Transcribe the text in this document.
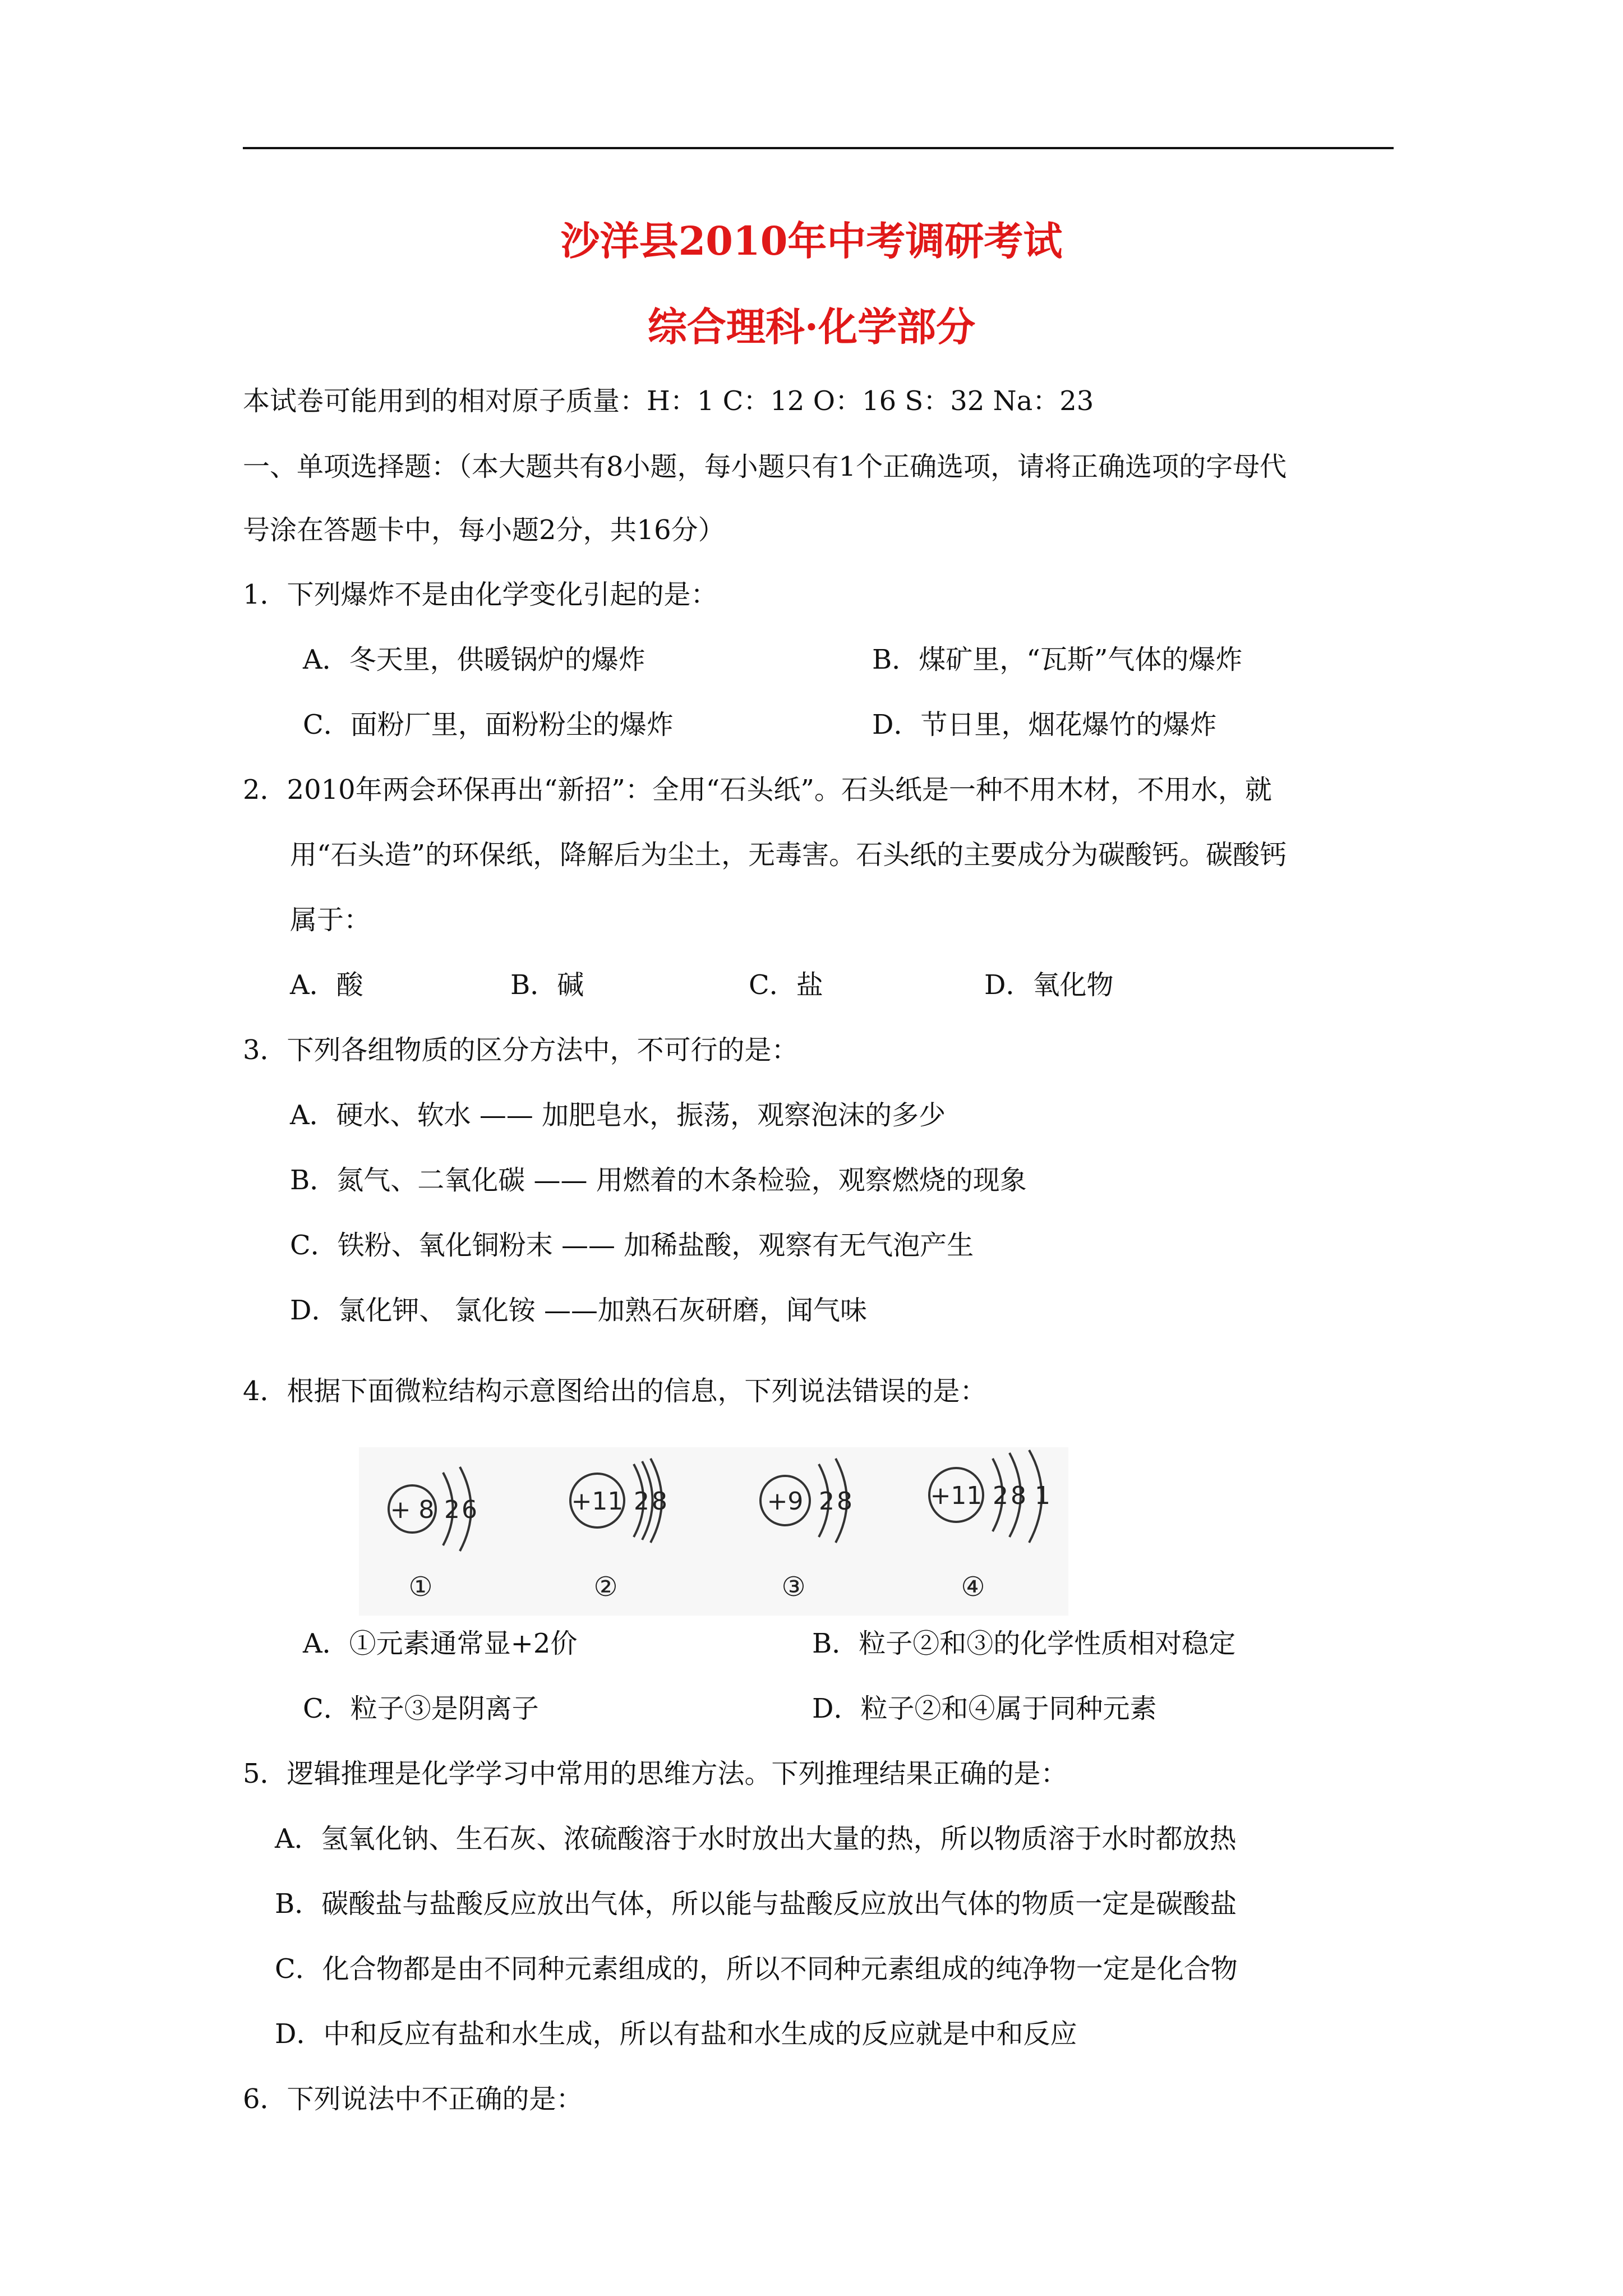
沙洋县2010年中考调研考试
综合理科·化学部分
本试卷可能用到的相对原子质量：H：1 C：12 O：16 S：32 Na：23
一、单项选择题：（本大题共有8小题，每小题只有1个正确选项，请将正确选项的字母代
号涂在答题卡中，每小题2分，共16分）
1．下列爆炸不是由化学变化引起的是：
A．冬天里，供暖锅炉的爆炸	B．煤矿里，“瓦斯”气体的爆炸
C．面粉厂里，面粉粉尘的爆炸	D．节日里，烟花爆竹的爆炸
2．2010年两会环保再出“新招”：全用“石头纸”。石头纸是一种不用木材，不用水，就
用“石头造”的环保纸，降解后为尘土，无毒害。石头纸的主要成分为碳酸钙。碳酸钙
属于：
A．酸	B．碱	C．盐	D．氧化物
3．下列各组物质的区分方法中，不可行的是：
A．硬水、软水 —— 加肥皂水，振荡，观察泡沫的多少
B．氮气、二氧化碳 —— 用燃着的木条检验，观察燃烧的现象
C．铁粉、氧化铜粉末 —— 加稀盐酸，观察有无气泡产生
D．氯化钾、 氯化铵 ——加熟石灰研磨，闻气味
4．根据下面微粒结构示意图给出的信息，下列说法错误的是：
+ 8 2 6
①
+11 2 8
②
+9 2 8
③
+11 2 8 1
④
A．①元素通常显+2价	B．粒子②和③的化学性质相对稳定
C．粒子③是阴离子	D．粒子②和④属于同种元素
5．逻辑推理是化学学习中常用的思维方法。下列推理结果正确的是：
A．氢氧化钠、生石灰、浓硫酸溶于水时放出大量的热，所以物质溶于水时都放热
B．碳酸盐与盐酸反应放出气体，所以能与盐酸反应放出气体的物质一定是碳酸盐
C．化合物都是由不同种元素组成的，所以不同种元素组成的纯净物一定是化合物
D．中和反应有盐和水生成，所以有盐和水生成的反应就是中和反应
6．下列说法中不正确的是：
